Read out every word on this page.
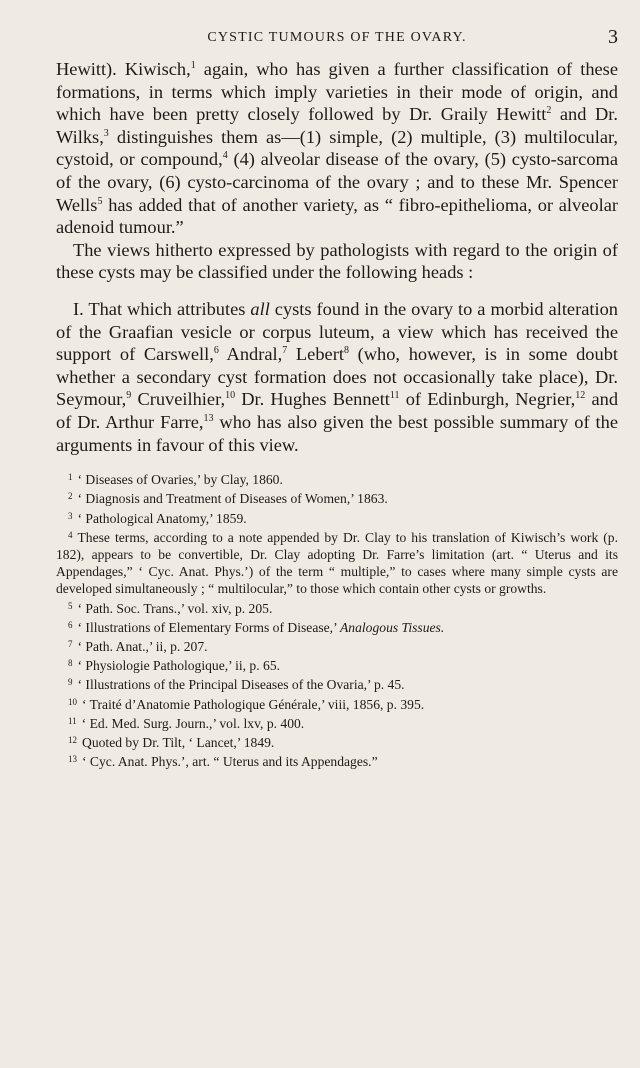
CYSTIC TUMOURS OF THE OVARY.	3

Hewitt). Kiwisch,$^1$ again, who has given a further classification of these formations, in terms which imply varieties in their mode of origin, and which have been pretty closely followed by Dr. Graily Hewitt$^2$ and Dr. Wilks,$^3$ distinguishes them as—(1) simple, (2) multiple, (3) multilocular, cystoid, or compound,$^4$ (4) alveolar disease of the ovary, (5) cysto-sarcoma of the ovary, (6) cysto-carcinoma of the ovary ; and to these Mr. Spencer Wells$^5$ has added that of another variety, as “ fibro-epithelioma, or alveolar adenoid tumour.”

The views hitherto expressed by pathologists with regard to the origin of these cysts may be classified under the following heads :

I. That which attributes all cysts found in the ovary to a morbid alteration of the Graafian vesicle or corpus luteum, a view which has received the support of Carswell,$^6$ Andral,$^7$ Lebert$^8$ (who, however, is in some doubt whether a secondary cyst formation does not occasionally take place), Dr. Seymour,$^9$ Cruveilhier,$^{10}$ Dr. Hughes Bennett$^{11}$ of Edinburgh, Negrier,$^{12}$ and of Dr. Arthur Farre,$^{13}$ who has also given the best possible summary of the arguments in favour of this view.

$^1$ ‘ Diseases of Ovaries,’ by Clay, 1860.

$^2$ ‘ Diagnosis and Treatment of Diseases of Women,’ 1863.

$^3$ ‘ Pathological Anatomy,’ 1859.

$^4$ These terms, according to a note appended by Dr. Clay to his translation of Kiwisch’s work (p. 182), appears to be convertible, Dr. Clay adopting Dr. Farre’s limitation (art. “ Uterus and its Appendages,” ‘ Cyc. Anat. Phys.’) of the term “ multiple,” to cases where many simple cysts are developed simultaneously ; “ multilocular,” to those which contain other cysts or growths.

$^5$ ‘ Path. Soc. Trans.,’ vol. xiv, p. 205.

$^6$ ‘ Illustrations of Elementary Forms of Disease,’ Analogous Tissues.

$^7$ ‘ Path. Anat.,’ ii, p. 207.

$^8$ ‘ Physiologie Pathologique,’ ii, p. 65.

$^9$ ‘ Illustrations of the Principal Diseases of the Ovaria,’ p. 45.

$^{10}$ ‘ Traité d’Anatomie Pathologique Générale,’ viii, 1856, p. 395.

$^{11}$ ‘ Ed. Med. Surg. Journ.,’ vol. lxv, p. 400.

$^{12}$ Quoted by Dr. Tilt, ‘ Lancet,’ 1849.

$^{13}$ ‘ Cyc. Anat. Phys.’, art. “ Uterus and its Appendages.”
